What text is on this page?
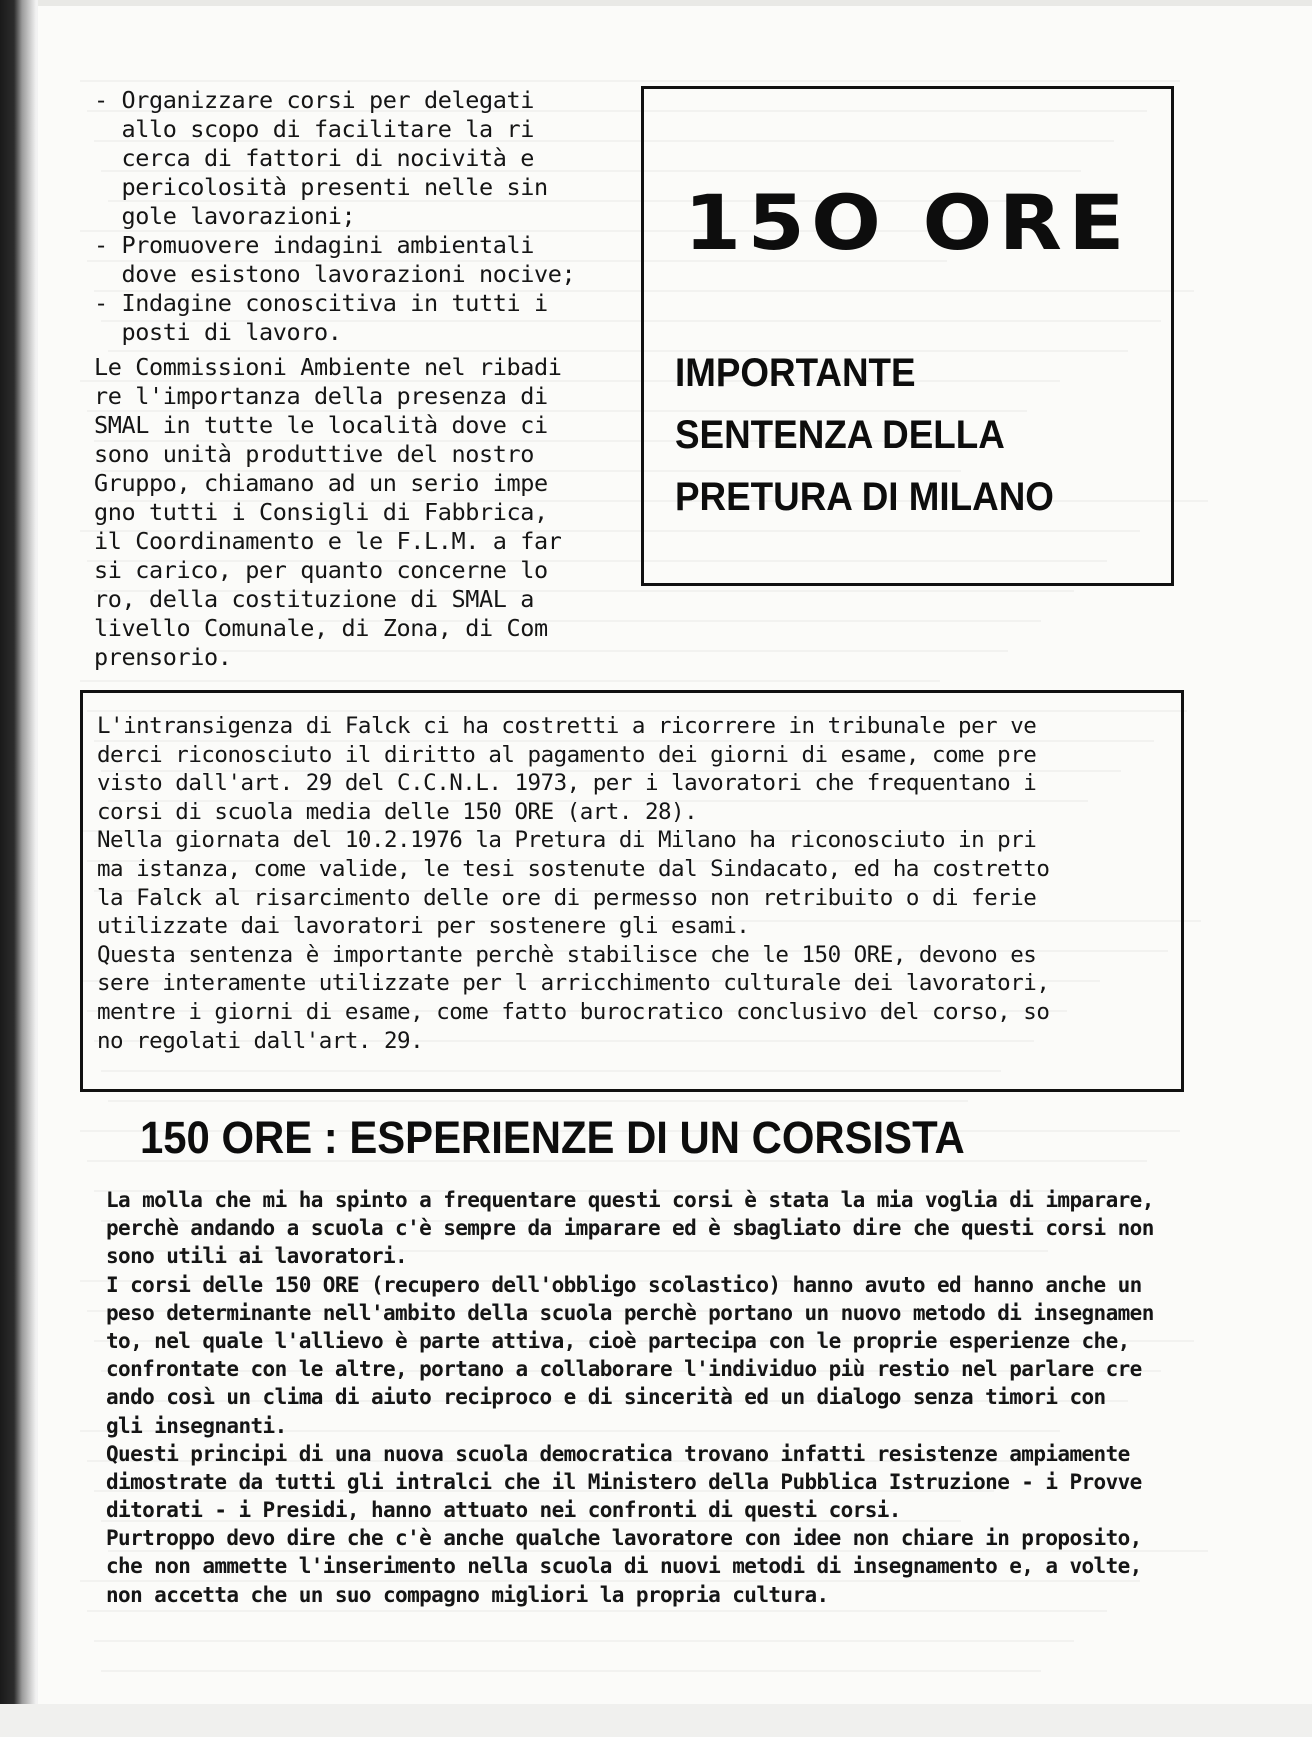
- Organizzare corsi per delegati
allo scopo di facilitare la ri
cerca di fattori di nocività e
pericolosità presenti nelle sin
gole lavorazioni;
- Promuovere indagini ambientali
dove esistono lavorazioni nocive;
- Indagine conoscitiva in tutti i
posti di lavoro.
Le Commissioni Ambiente nel ribadi
re l'importanza della presenza di
SMAL in tutte le località dove ci
sono unità produttive del nostro
Gruppo, chiamano ad un serio impe
gno tutti i Consigli di Fabbrica,
il Coordinamento e le F.L.M. a far
si carico, per quanto concerne lo
ro, della costituzione di SMAL a
livello Comunale, di Zona, di Com
prensorio.
15O ORE
IMPORTANTE
SENTENZA DELLA
PRETURA DI MILANO
L'intransigenza di Falck ci ha costretti a ricorrere in tribunale per ve
derci riconosciuto il diritto al pagamento dei giorni di esame, come pre
visto dall'art. 29 del C.C.N.L. 1973, per i lavoratori che frequentano i
corsi di scuola media delle 150 ORE (art. 28).
Nella giornata del 10.2.1976 la Pretura di Milano ha riconosciuto in pri
ma istanza, come valide, le tesi sostenute dal Sindacato, ed ha costretto
la Falck al risarcimento delle ore di permesso non retribuito o di ferie
utilizzate dai lavoratori per sostenere gli esami.
Questa sentenza è importante perchè stabilisce che le 150 ORE, devono es
sere interamente utilizzate per l arricchimento culturale dei lavoratori,
mentre i giorni di esame, come fatto burocratico conclusivo del corso, so
no regolati dall'art. 29.
150 ORE : ESPERIENZE DI UN CORSISTA
La molla che mi ha spinto a frequentare questi corsi è stata la mia voglia di imparare,
perchè andando a scuola c'è sempre da imparare ed è sbagliato dire che questi corsi non
sono utili ai lavoratori.
I corsi delle 150 ORE (recupero dell'obbligo scolastico) hanno avuto ed hanno anche un
peso determinante nell'ambito della scuola perchè portano un nuovo metodo di insegnamen
to, nel quale l'allievo è parte attiva, cioè partecipa con le proprie esperienze che,
confrontate con le altre, portano a collaborare l'individuo più restio nel parlare cre
ando così un clima di aiuto reciproco e di sincerità ed un dialogo senza timori con
gli insegnanti.
Questi principi di una nuova scuola democratica trovano infatti resistenze ampiamente
dimostrate da tutti gli intralci che il Ministero della Pubblica Istruzione - i Provve
ditorati - i Presidi, hanno attuato nei confronti di questi corsi.
Purtroppo devo dire che c'è anche qualche lavoratore con idee non chiare in proposito,
che non ammette l'inserimento nella scuola di nuovi metodi di insegnamento e, a volte,
non accetta che un suo compagno migliori la propria cultura.
